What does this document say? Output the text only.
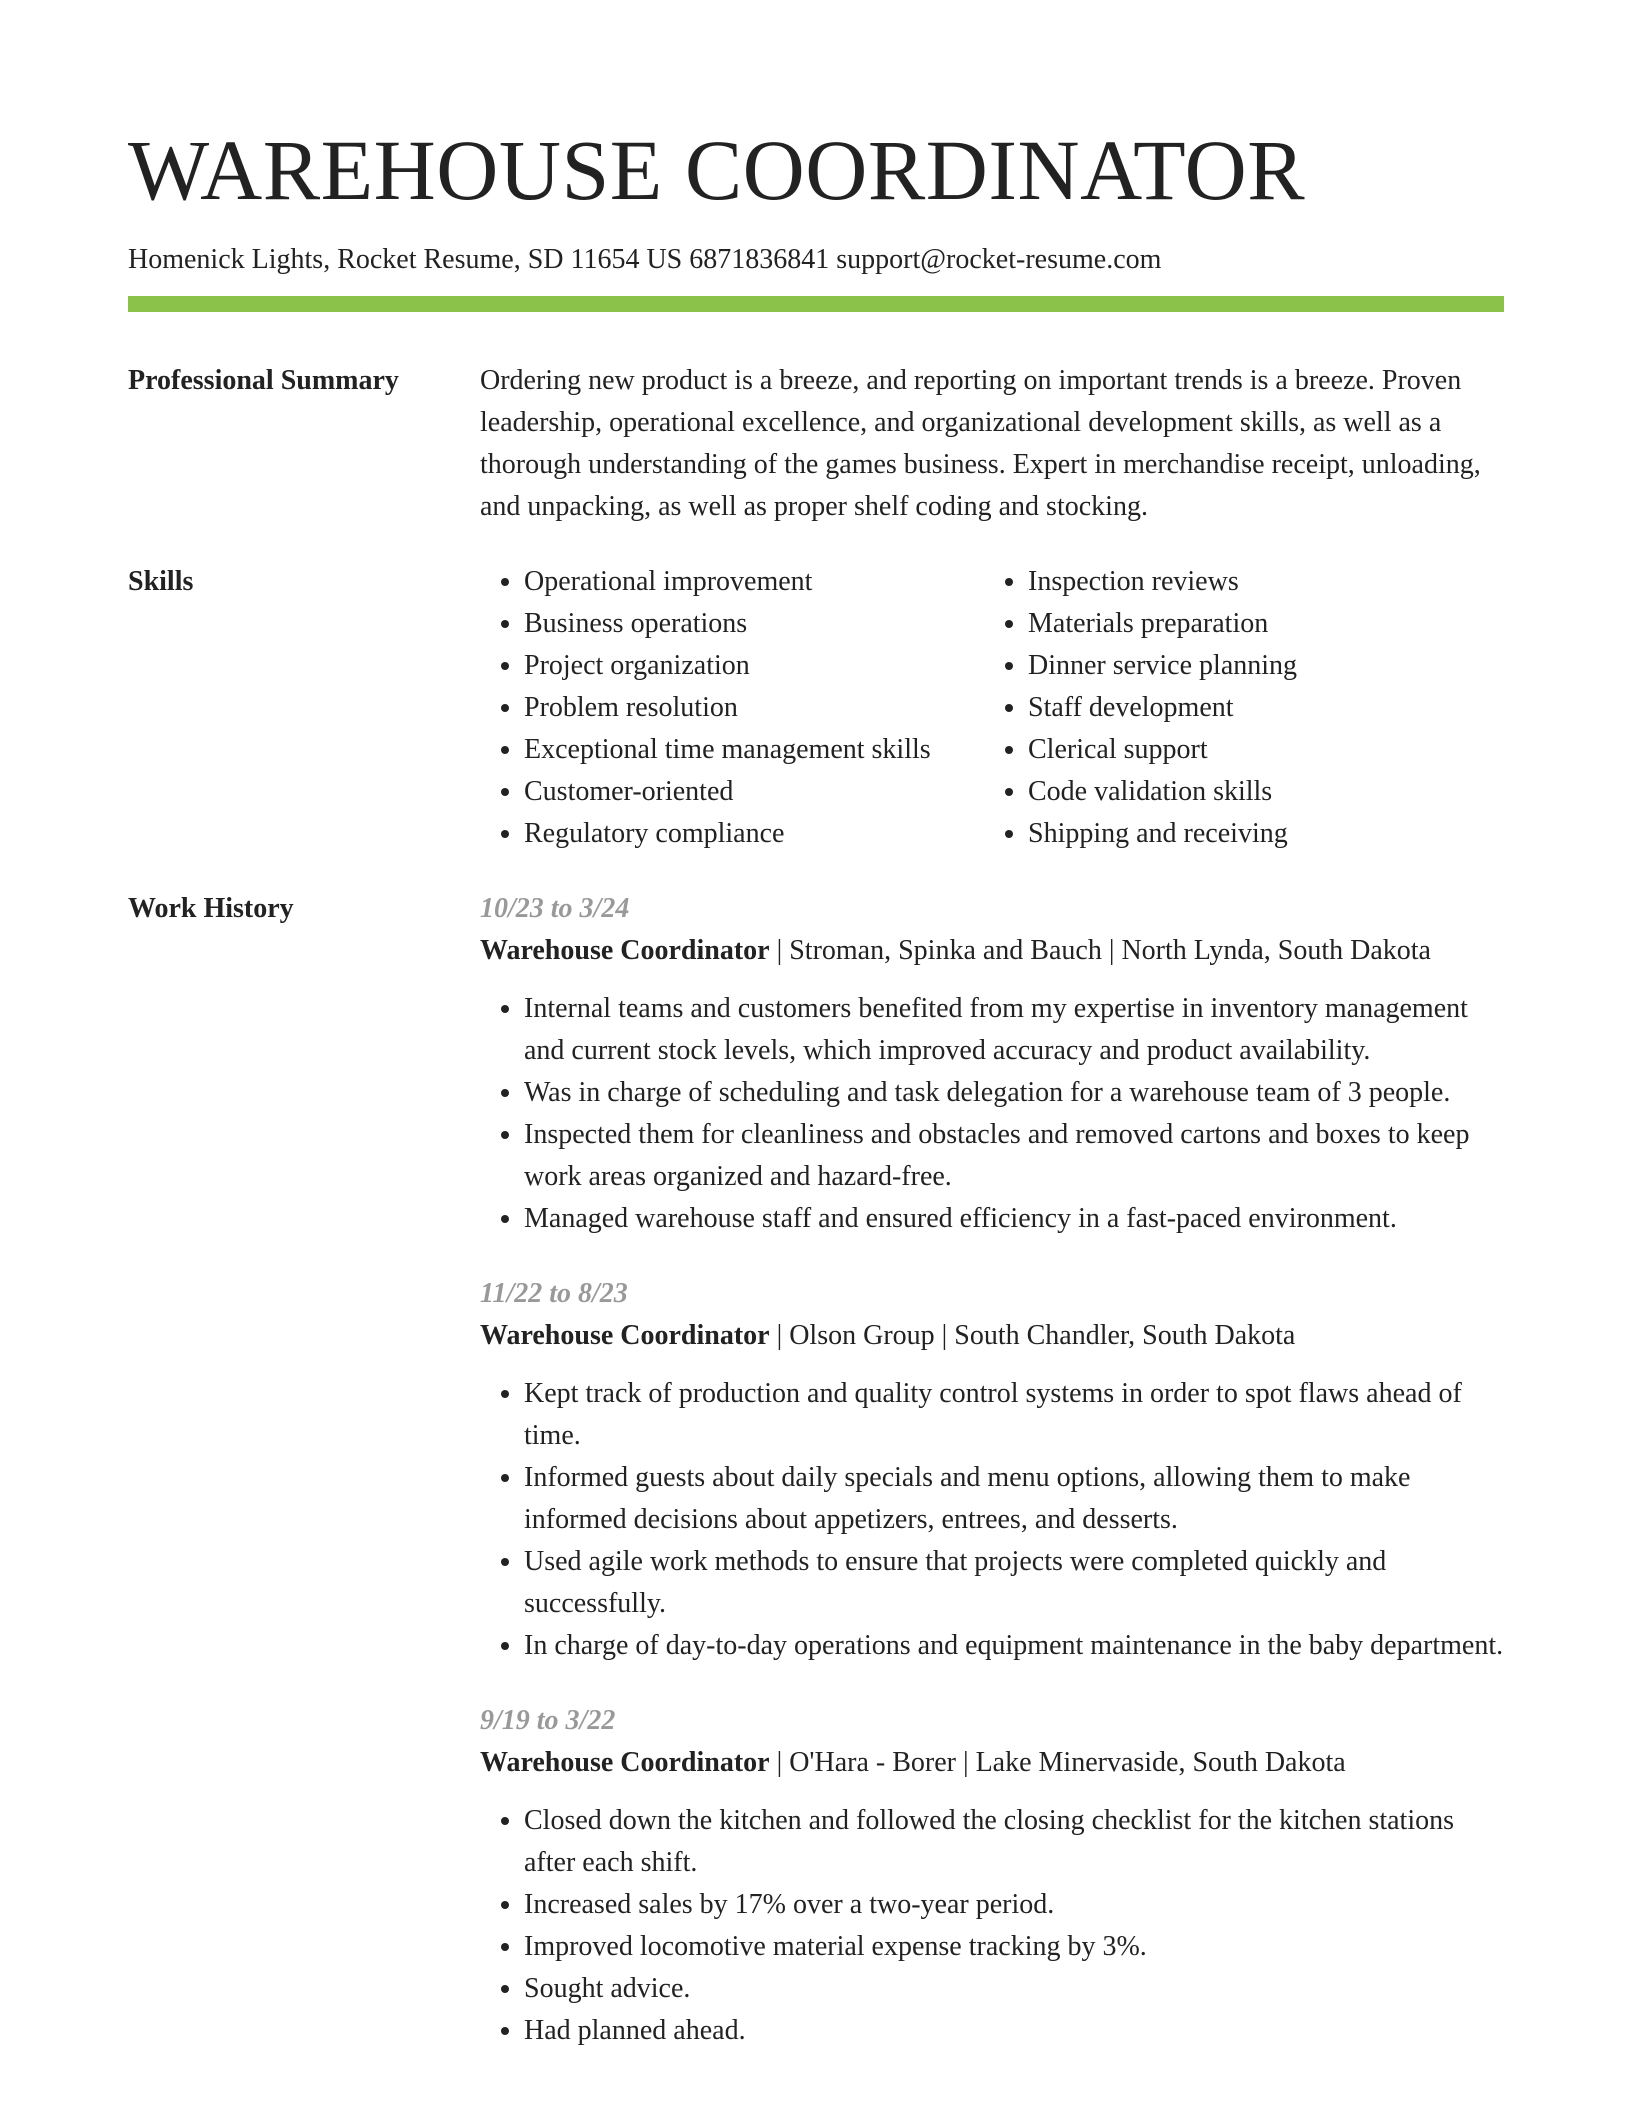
WAREHOUSE COORDINATOR
Homenick Lights, Rocket Resume, SD 11654 US 6871836841 support@rocket-resume.com
Professional Summary	Ordering new product is a breeze, and reporting on important trends is a breeze. Proven leadership, operational excellence, and organizational development skills, as well as a thorough understanding of the games business. Expert in merchandise receipt, unloading, and unpacking, as well as proper shelf coding and stocking.
Skills
•	Operational improvement
• Business operations
• Project organization
• Problem resolution
• Exceptional time management skills
• Customer-oriented
• Regulatory compliance
• Inspection reviews
• Materials preparation
• Dinner service planning
• Staff development
• Clerical support
• Code validation skills
• Shipping and receiving
Work History	10/23 to 3/24
Warehouse Coordinator | Stroman, Spinka and Bauch | North Lynda, South Dakota
• Internal teams and customers benefited from my expertise in inventory management and current stock levels, which improved accuracy and product availability.
• Was in charge of scheduling and task delegation for a warehouse team of 3 people.
• Inspected them for cleanliness and obstacles and removed cartons and boxes to keep work areas organized and hazard-free.
• Managed warehouse staff and ensured efficiency in a fast-paced environment.
11/22 to 8/23
Warehouse Coordinator | Olson Group | South Chandler, South Dakota
• Kept track of production and quality control systems in order to spot flaws ahead of time.
• Informed guests about daily specials and menu options, allowing them to make informed decisions about appetizers, entrees, and desserts.
• Used agile work methods to ensure that projects were completed quickly and successfully.
• In charge of day-to-day operations and equipment maintenance in the baby department.
9/19 to 3/22
Warehouse Coordinator | O'Hara - Borer | Lake Minervaside, South Dakota
• Closed down the kitchen and followed the closing checklist for the kitchen stations after each shift.
• Increased sales by 17% over a two-year period.
• Improved locomotive material expense tracking by 3%.
• Sought advice.
• Had planned ahead.
